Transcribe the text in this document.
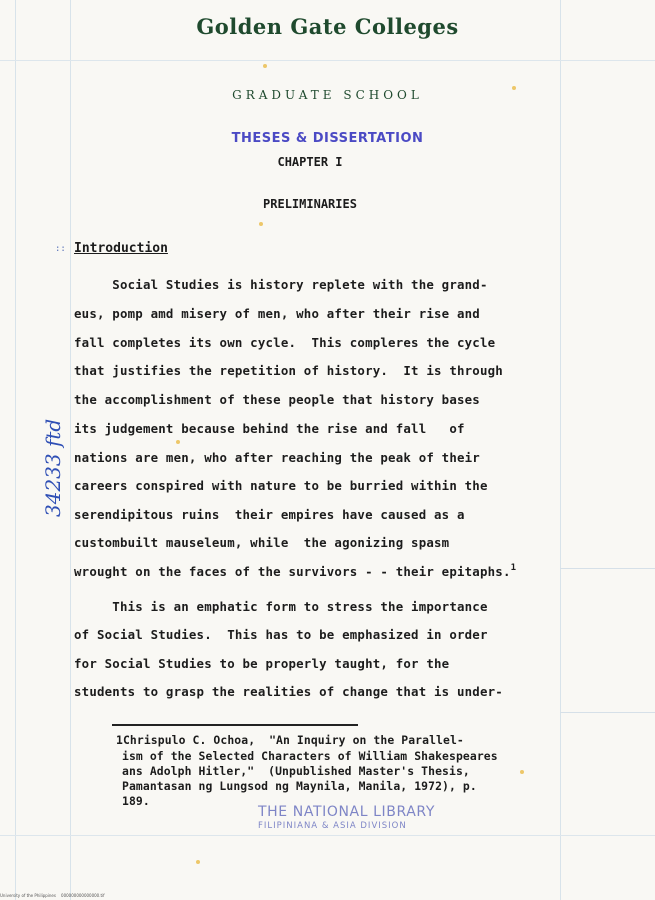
Golden Gate Colleges
GRADUATE SCHOOL
THESES & DISSERTATION
CHAPTER I
PRELIMINARIES
:: Introduction
34233 ftd
Social Studies is history replete with the grand-
eus, pomp amd misery of men, who after their rise and
fall completes its own cycle.  This compleres the cycle
that justifies the repetition of history.  It is through
the accomplishment of these people that history bases
its judgement because behind the rise and fall   of
nations are men, who after reaching the peak of their
careers conspired with nature to be burried within the
serendipitous ruins  their empires have caused as a
custombuilt mauseleum, while  the agonizing spasm
wrought on the faces of the survivors - - their epitaphs.$^1$
This is an emphatic form to stress the importance
of Social Studies.  This has to be emphasized in order
for Social Studies to be properly taught, for the
students to grasp the realities of change that is under-
1Chrispulo C. Ochoa,  "An Inquiry on the Parallel-
ism of the Selected Characters of William Shakespeares
ans Adolph Hitler,"  (Unpublished Master's Thesis,
Pamantasan ng Lungsod ng Maynila, Manila, 1972), p.
189.
THE NATIONAL LIBRARY
FILIPINIANA & ASIA DIVISION
University of the Philippines    000000000000000.tif
